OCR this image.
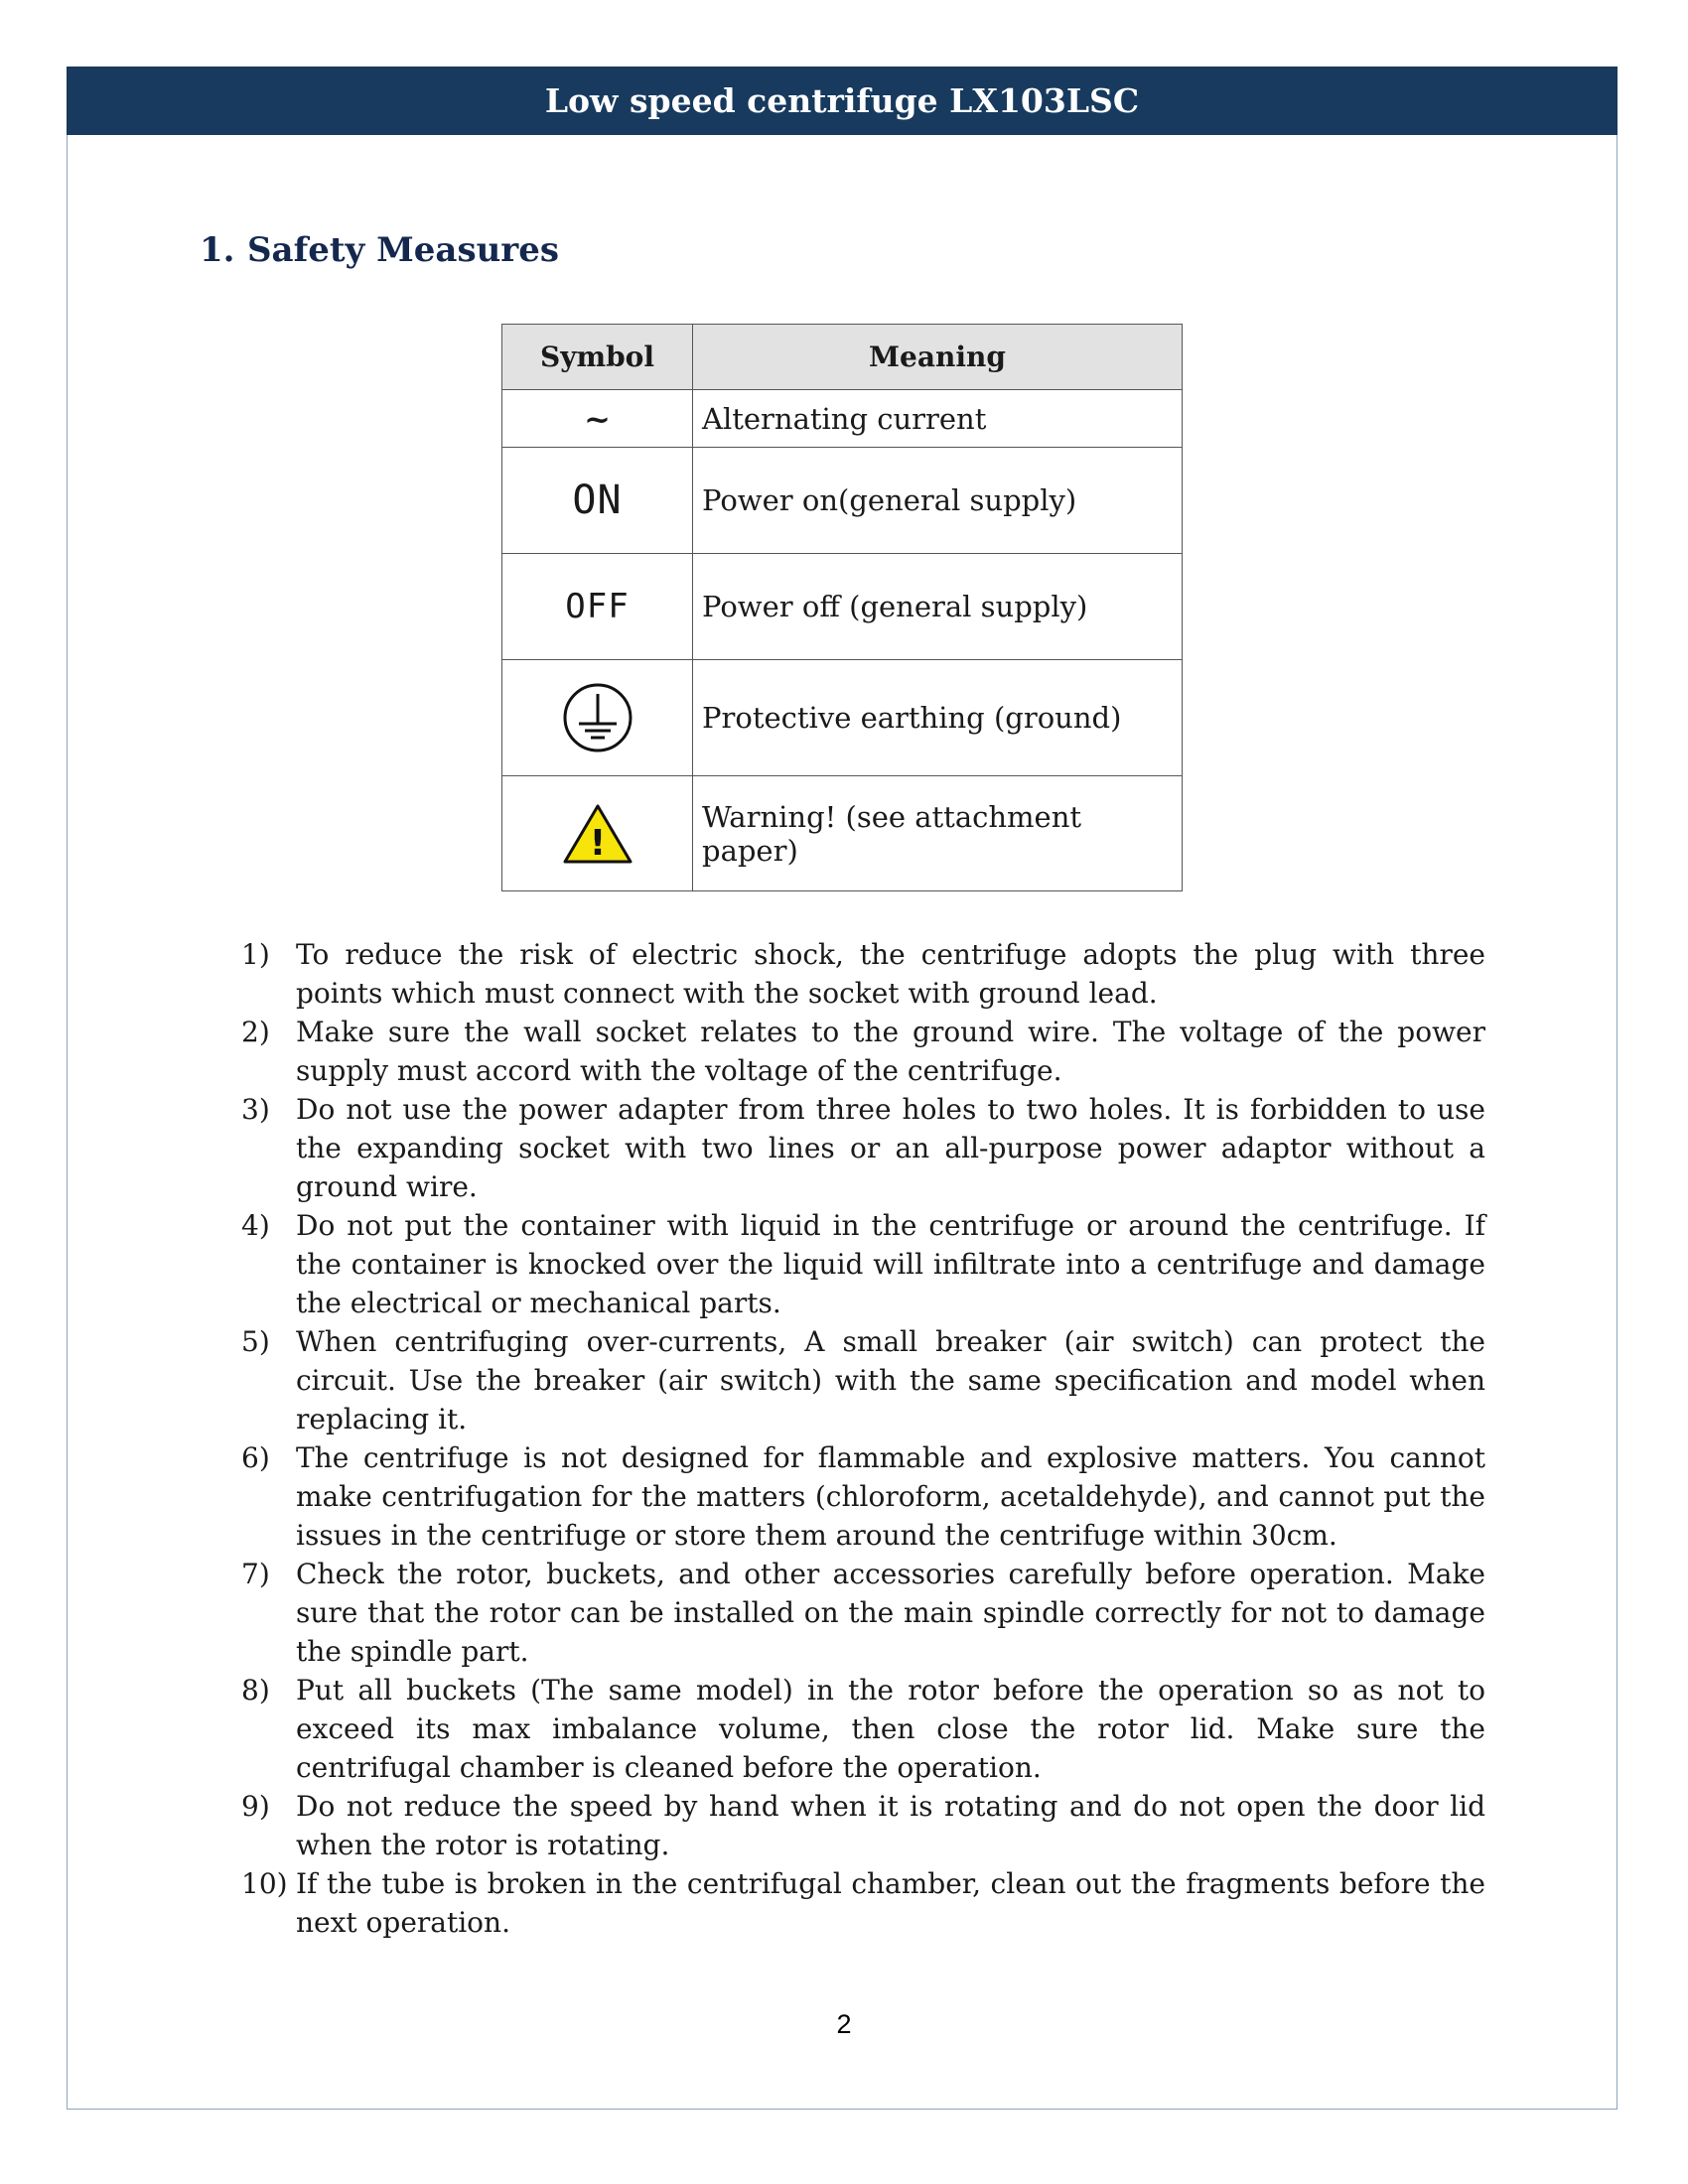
Low speed centrifuge LX103LSC
1. Safety Measures
Symbol	Meaning
~	Alternating current
ON	Power on(general supply)
OFF	Power off (general supply)
	Protective earthing (ground)

!	Warning! (see attachment paper)
1) To reduce the risk of electric shock, the centrifuge adopts the plug with three points which must connect with the socket with ground lead.
2) Make sure the wall socket relates to the ground wire. The voltage of the power supply must accord with the voltage of the centrifuge.
3) Do not use the power adapter from three holes to two holes. It is forbidden to use the expanding socket with two lines or an all-purpose power adaptor without a ground wire.
4) Do not put the container with liquid in the centrifuge or around the centrifuge. If the container is knocked over the liquid will infiltrate into a centrifuge and damage the electrical or mechanical parts.
5) When centrifuging over-currents, A small breaker (air switch) can protect the circuit. Use the breaker (air switch) with the same specification and model when replacing it.
6) The centrifuge is not designed for flammable and explosive matters. You cannot make centrifugation for the matters (chloroform, acetaldehyde), and cannot put the issues in the centrifuge or store them around the centrifuge within 30cm.
7) Check the rotor, buckets, and other accessories carefully before operation. Make sure that the rotor can be installed on the main spindle correctly for not to damage the spindle part.
8) Put all buckets (The same model) in the rotor before the operation so as not to exceed its max imbalance volume, then close the rotor lid. Make sure the centrifugal chamber is cleaned before the operation.
9) Do not reduce the speed by hand when it is rotating and do not open the door lid when the rotor is rotating.
10) If the tube is broken in the centrifugal chamber, clean out the fragments before the next operation.
2
